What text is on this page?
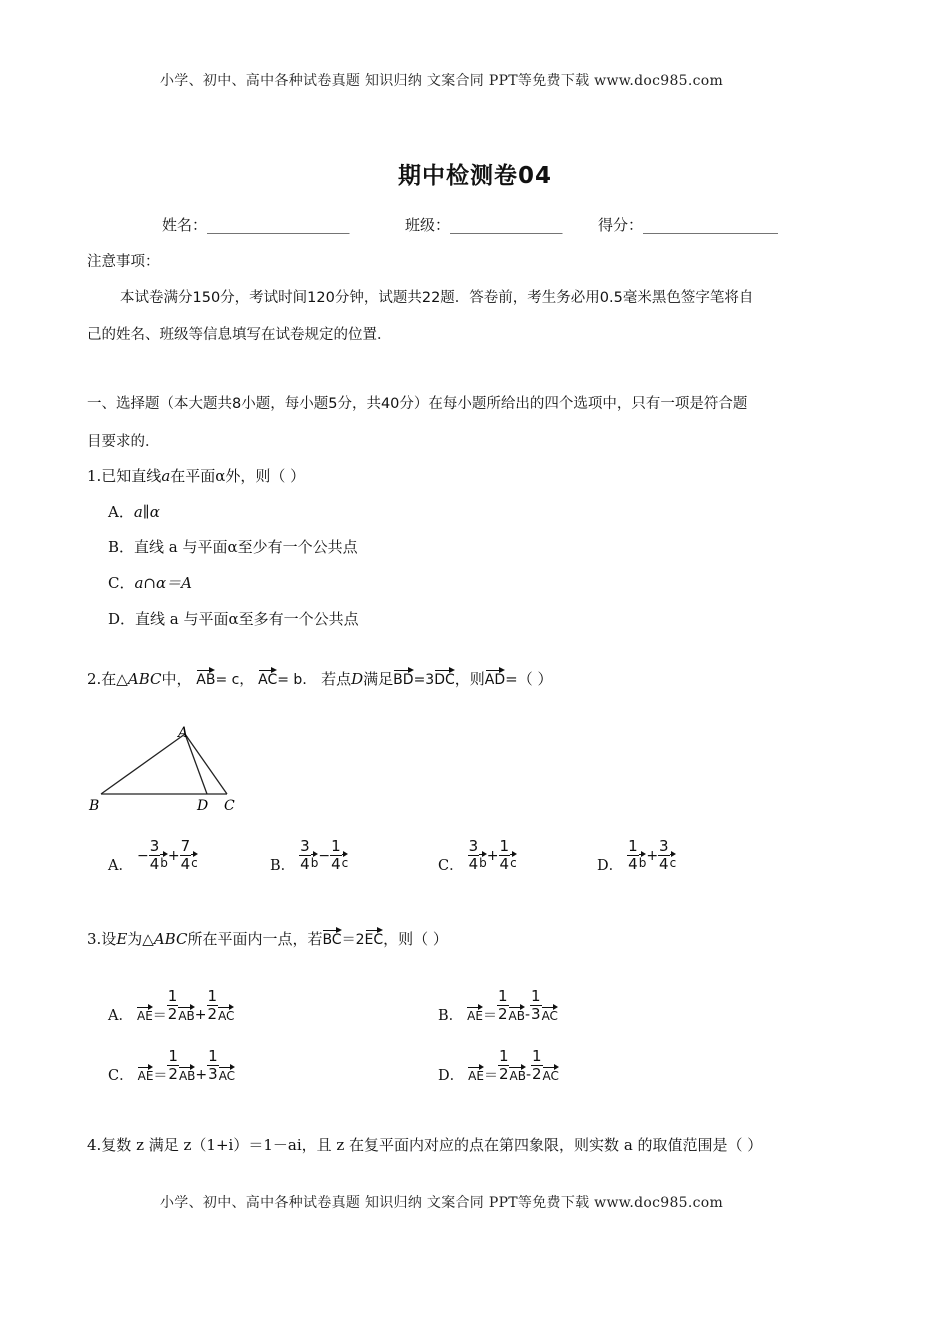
小学、初中、高中各种试卷真题 知识归纳 文案合同 PPT等免费下载 www.doc985.com
期中检测卷04
姓名：___________________	班级：_______________ 得分：__________________
注意事项：
本试卷满分150分，考试时间120分钟，试题共22题．答卷前，考生务必用0.5毫米黑色签字笔将自
己的姓名、班级等信息填写在试卷规定的位置．
一、选择题（本大题共8小题，每小题5分，共40分）在每小题所给出的四个选项中，只有一项是符合题
目要求的．
1.已知直线a在平面α外，则（ ）
A．a∥α
B．直线 a 与平面α至少有一个公共点
C．a∩α＝A
D．直线 a 与平面α至多有一个公共点
2.在△ABC中， AB= c， AC= b． 若点D满足BD=3DC，则AD=（ ）
A
B	D C
A．
− $\frac{3}{4}$ $b + \frac{7}{4}$ c	B． $\frac{3}{4}$ $b - \frac{1}{4}$ c	C． $\frac{3}{4}$ $b + \frac{1}{4}$ c	D． $\frac{1}{4}$ $b + \frac{3}{4}$ c
3.设E为△ABC所在平面内一点，若BC＝2EC，则（ ）
A． AE ＝ $\frac{1}{2}$ AB + $\frac{1}{2}$ AC	B． AE ＝ $\frac{1}{2}$ AB - $\frac{1}{3}$ AC
C． AE ＝ $\frac{1}{2}$ AB + $\frac{1}{3}$ AC	D． AE ＝ $\frac{1}{2}$ AB - $\frac{1}{2}$ AC
4.复数 z 满足 z（1+i）＝1－ai，且 z 在复平面内对应的点在第四象限，则实数 a 的取值范围是（ ）
小学、初中、高中各种试卷真题 知识归纳 文案合同 PPT等免费下载 www.doc985.com
